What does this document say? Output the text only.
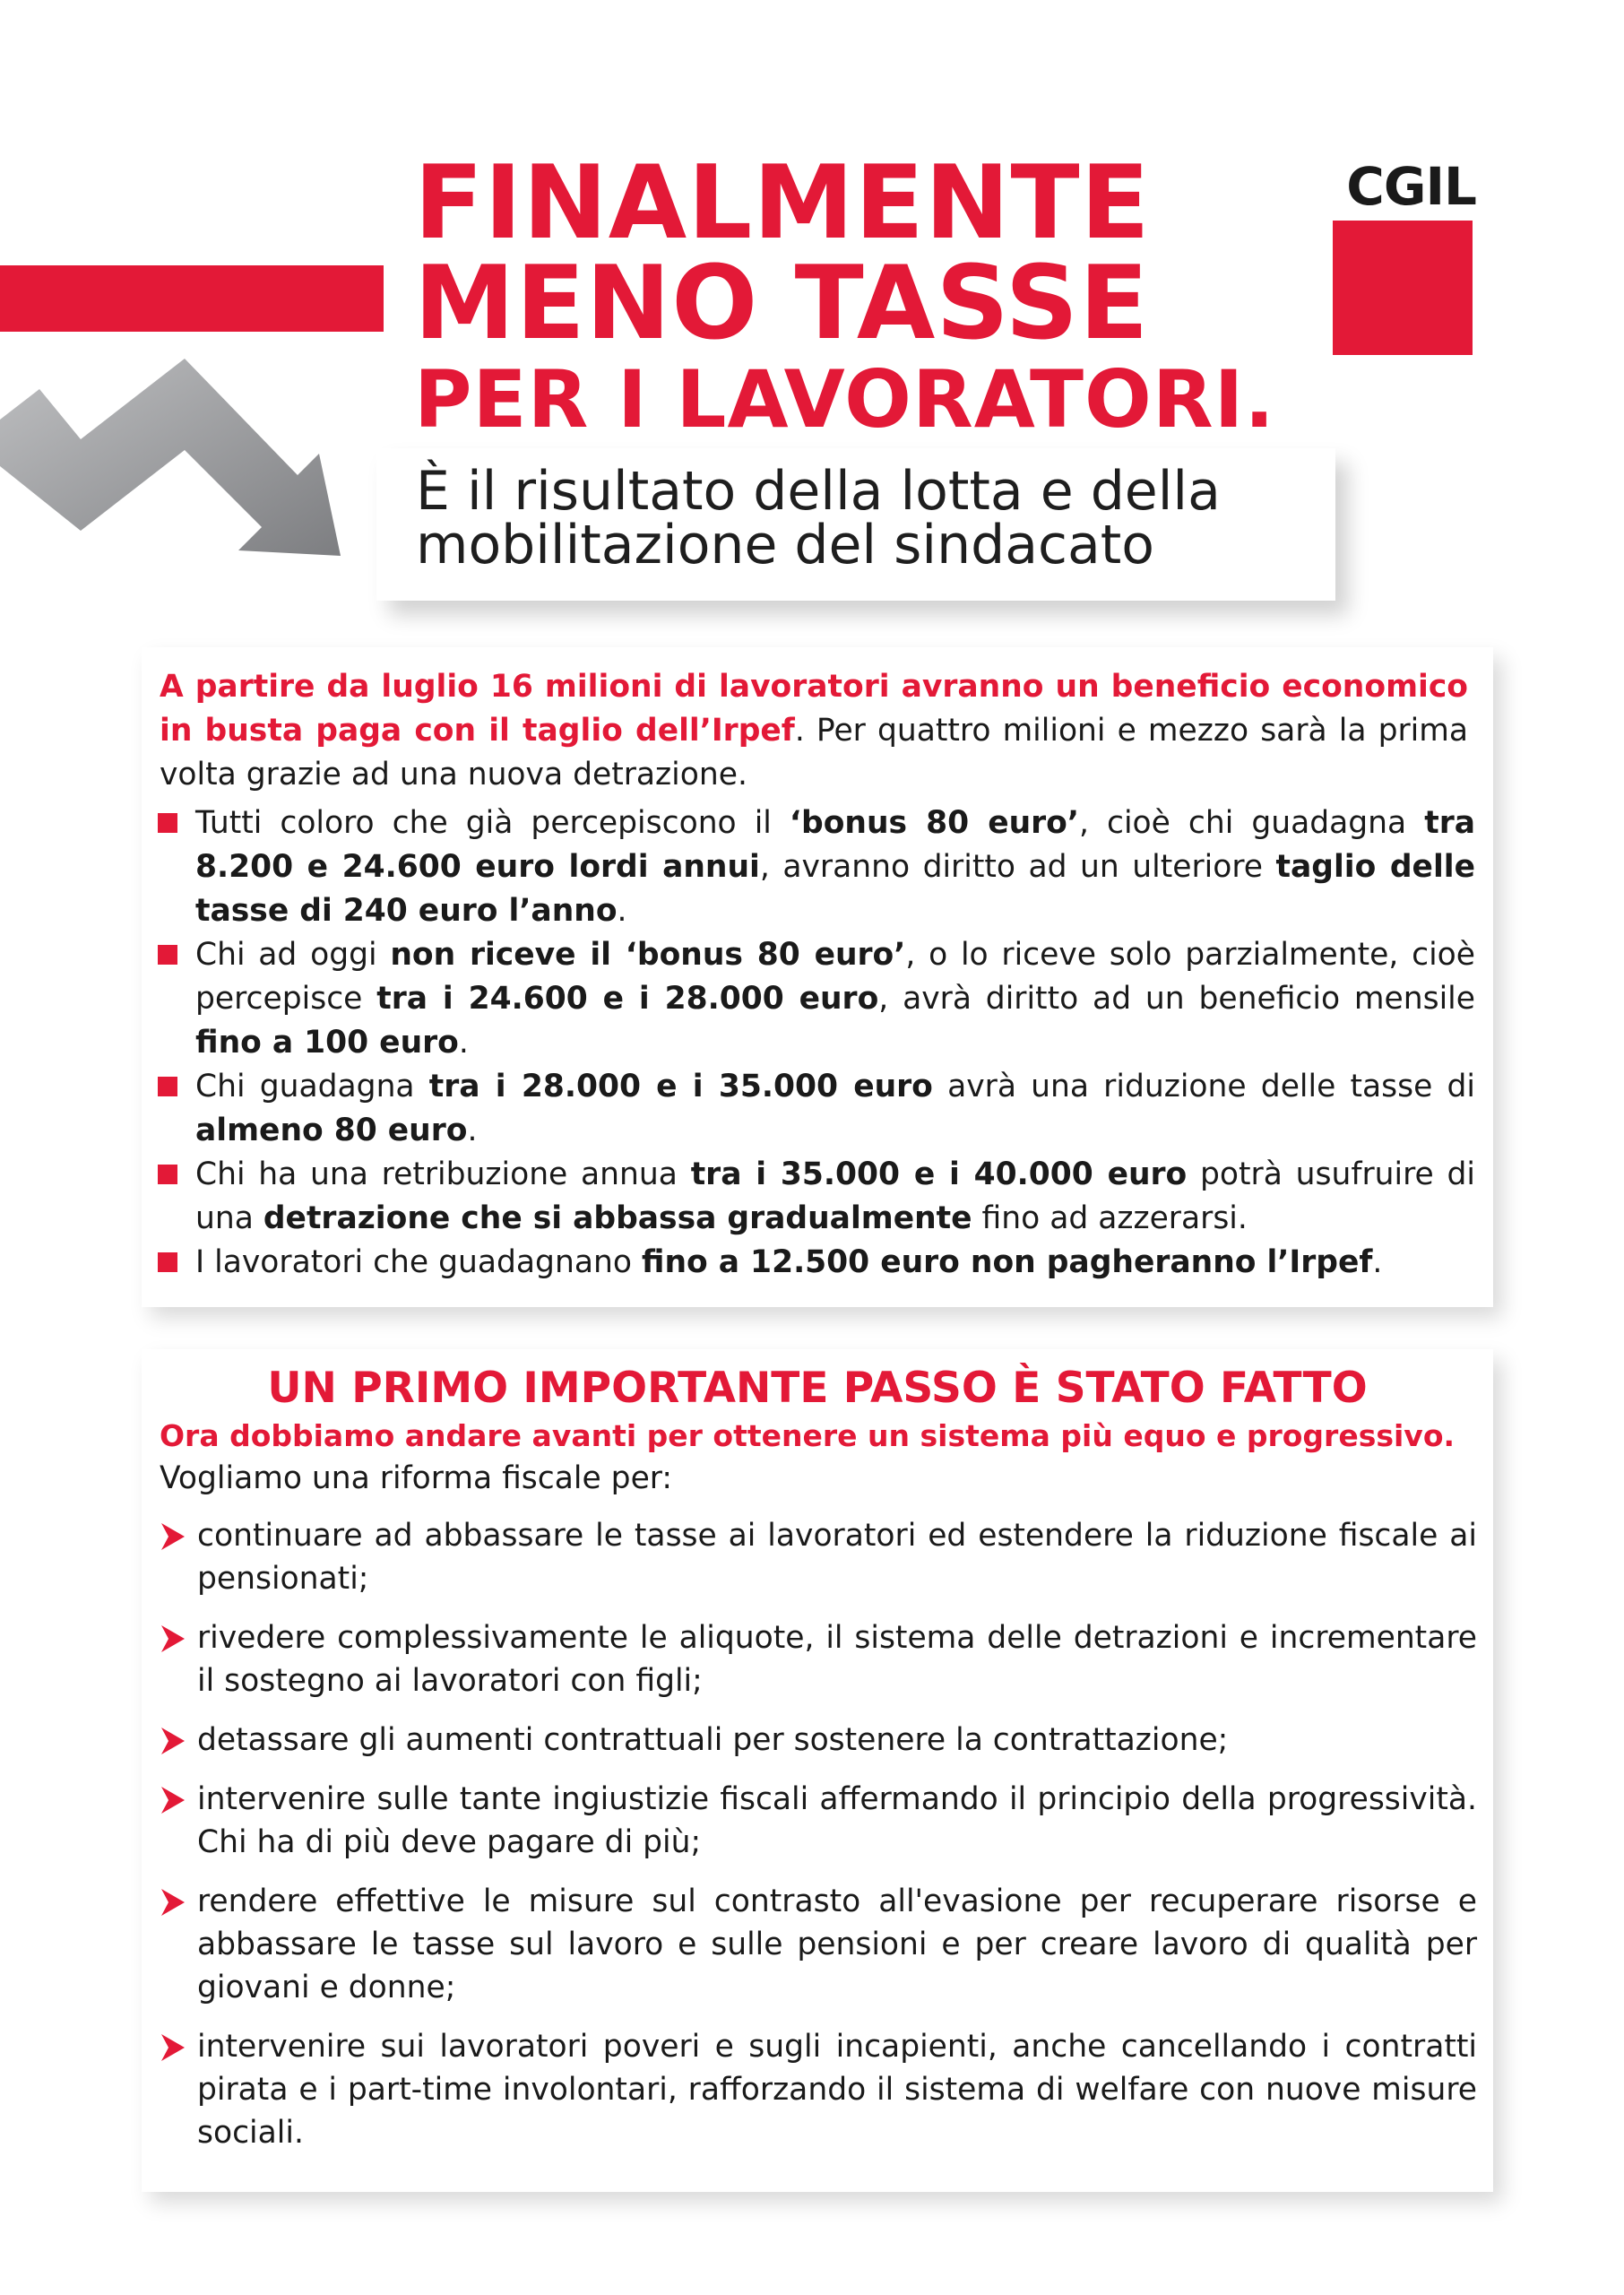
FINALMENTE
MENO TASSE
PER I LAVORATORI.
È il risultato della lotta e della
mobilitazione del sindacato
CGIL
A partire da luglio 16 milioni di lavoratori avranno un beneficio economico in busta paga con il taglio dell’Irpef. Per quattro milioni e mezzo sarà la prima volta grazie ad una nuova detrazione.
Tutti coloro che già percepiscono il ‘bonus 80 euro’, cioè chi guadagna tra 8.200 e 24.600 euro lordi annui, avranno diritto ad un ulteriore taglio delle tasse di 240 euro l’anno.
Chi ad oggi non riceve il ‘bonus 80 euro’, o lo riceve solo parzialmente, cioè percepisce tra i 24.600 e i 28.000 euro, avrà diritto ad un beneficio mensile fino a 100 euro.
Chi guadagna tra i 28.000 e i 35.000 euro avrà una riduzione delle tasse di almeno 80 euro.
Chi ha una retribuzione annua tra i 35.000 e i 40.000 euro potrà usufruire di una detrazione che si abbassa gradualmente fino ad azzerarsi.
I lavoratori che guadagnano fino a 12.500 euro non pagheranno l’Irpef.
UN PRIMO IMPORTANTE PASSO È STATO FATTO
Ora dobbiamo andare avanti per ottenere un sistema più equo e progressivo.
Vogliamo una riforma fiscale per:
continuare ad abbassare le tasse ai lavoratori ed estendere la riduzione fiscale ai pensionati;
rivedere complessivamente le aliquote, il sistema delle detrazioni e incrementare il sostegno ai lavoratori con figli;
detassare gli aumenti contrattuali per sostenere la contrattazione;
intervenire sulle tante ingiustizie fiscali affermando il principio della progressività. Chi ha di più deve pagare di più;
rendere effettive le misure sul contrasto all'evasione per recuperare risorse e abbassare le tasse sul lavoro e sulle pensioni e per creare lavoro di qualità per giovani e donne;
intervenire sui lavoratori poveri e sugli incapienti, anche cancellando i contratti pirata e i part-time involontari, rafforzando il sistema di welfare con nuove misure sociali.
